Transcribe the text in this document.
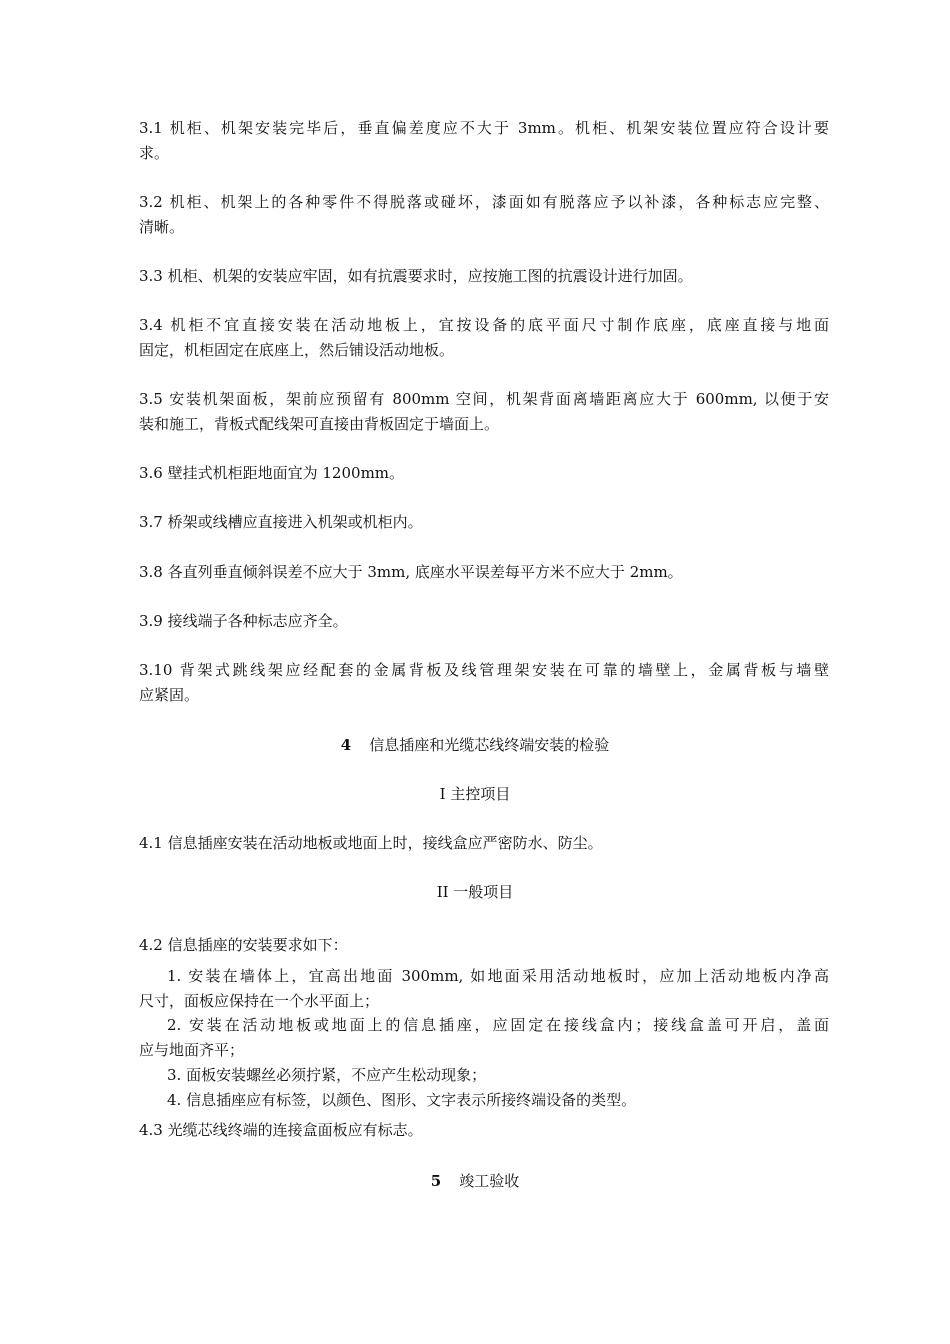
3.1 机柜、机架安装完毕后，垂直偏差度应不大于 3mm。机柜、机架安装位置应符合设计要
求。
3.2 机柜、机架上的各种零件不得脱落或碰坏，漆面如有脱落应予以补漆，各种标志应完整、
清晰。
3.3 机柜、机架的安装应牢固，如有抗震要求时，应按施工图的抗震设计进行加固。
3.4 机柜不宜直接安装在活动地板上，宜按设备的底平面尺寸制作底座，底座直接与地面
固定，机柜固定在底座上，然后铺设活动地板。
3.5 安装机架面板，架前应预留有 800mm 空间，机架背面离墙距离应大于 600mm, 以便于安
装和施工，背板式配线架可直接由背板固定于墙面上。
3.6 壁挂式机柜距地面宜为 1200mm。
3.7 桥架或线槽应直接进入机架或机柜内。
3.8 各直列垂直倾斜误差不应大于 3mm, 底座水平误差每平方米不应大于 2mm。
3.9 接线端子各种标志应齐全。
3.10 背架式跳线架应经配套的金属背板及线管理架安装在可靠的墙壁上，金属背板与墙壁
应紧固。
4 信息插座和光缆芯线终端安装的检验
I 主控项目
4.1 信息插座安装在活动地板或地面上时，接线盒应严密防水、防尘。
II 一般项目
4.2 信息插座的安装要求如下：
1. 安装在墙体上，宜高出地面 300mm, 如地面采用活动地板时，应加上活动地板内净高
尺寸，面板应保持在一个水平面上；
2. 安装在活动地板或地面上的信息插座，应固定在接线盒内；接线盒盖可开启，盖面
应与地面齐平；
3. 面板安装螺丝必须拧紧，不应产生松动现象；
4. 信息插座应有标签，以颜色、图形、文字表示所接终端设备的类型。
4.3 光缆芯线终端的连接盒面板应有标志。
5 竣工验收
